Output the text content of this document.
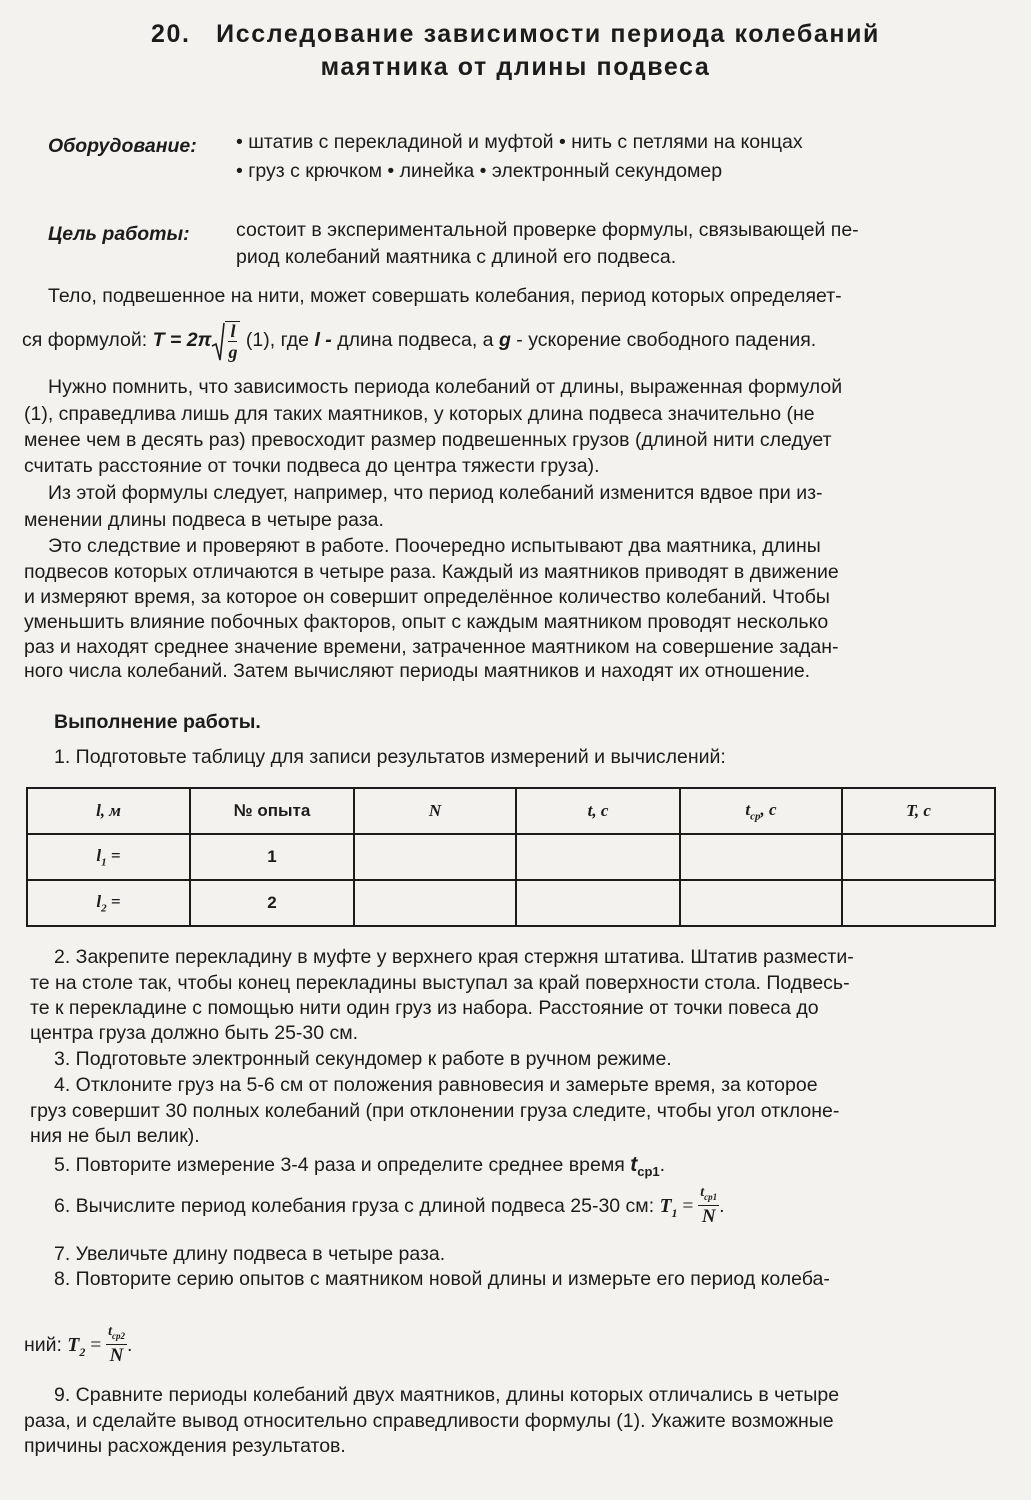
20. Исследование зависимости периода колебаний
маятника от длины подвеса
Оборудование: • штатив с перекладиной и муфтой • нить с петлями на концах
• груз с крючком • линейка • электронный секундомер
Цель работы: состоит в экспериментальной проверке формулы, связывающей пе-
риод колебаний маятника с длиной его подвеса.
Тело, подвешенное на нити, может совершать колебания, период которых определяет-
ся формулой: $T = 2\pi \frac{l}{g} (1)$, где l - длина подвеса, а g - ускорение свободного падения.
Нужно помнить, что зависимость периода колебаний от длины, выраженная формулой
(1), справедлива лишь для таких маятников, у которых длина подвеса значительно (не
менее чем в десять раз) превосходит размер подвешенных грузов (длиной нити следует
считать расстояние от точки подвеса до центра тяжести груза).
Из этой формулы следует, например, что период колебаний изменится вдвое при из-
менении длины подвеса в четыре раза.
Это следствие и проверяют в работе. Поочередно испытывают два маятника, длины
подвесов которых отличаются в четыре раза. Каждый из маятников приводят в движение
и измеряют время, за которое он совершит определённое количество колебаний. Чтобы
уменьшить влияние побочных факторов, опыт с каждым маятником проводят несколько
раз и находят среднее значение времени, затраченное маятником на совершение задан-
ного числа колебаний. Затем вычисляют периоды маятников и находят их отношение.
Выполнение работы.
1. Подготовьте таблицу для записи результатов измерений и вычислений:
l, м	№ опыта	N	t, с	$t_{ср}$, с	T, с
$l_1$ =	1				
$l_2$ =	2				
2. Закрепите перекладину в муфте у верхнего края стержня штатива. Штатив размести-
те на столе так, чтобы конец перекладины выступал за край поверхности стола. Подвесь-
те к перекладине с помощью нити один груз из набора. Расстояние от точки повеса до
центра груза должно быть 25-30 см.
3. Подготовьте электронный секундомер к работе в ручном режиме.
4. Отклоните груз на 5-6 см от положения равновесия и замерьте время, за которое
груз совершит 30 полных колебаний (при отклонении груза следите, чтобы угол отклоне-
ния не был велик).
5. Повторите измерение 3-4 раза и определите среднее время $t_{ср1}$.
6. Вычислите период колебания груза с длиной подвеса 25-30 см: $T_1 = \frac{t_{ср1}}{N}$ .
7. Увеличьте длину подвеса в четыре раза.
8. Повторите серию опытов с маятником новой длины и измерьте его период колеба-
ний: $T_2 = \frac{t_{ср2}}{N}$ .
9. Сравните периоды колебаний двух маятников, длины которых отличались в четыре
раза, и сделайте вывод относительно справедливости формулы (1). Укажите возможные
причины расхождения результатов.
